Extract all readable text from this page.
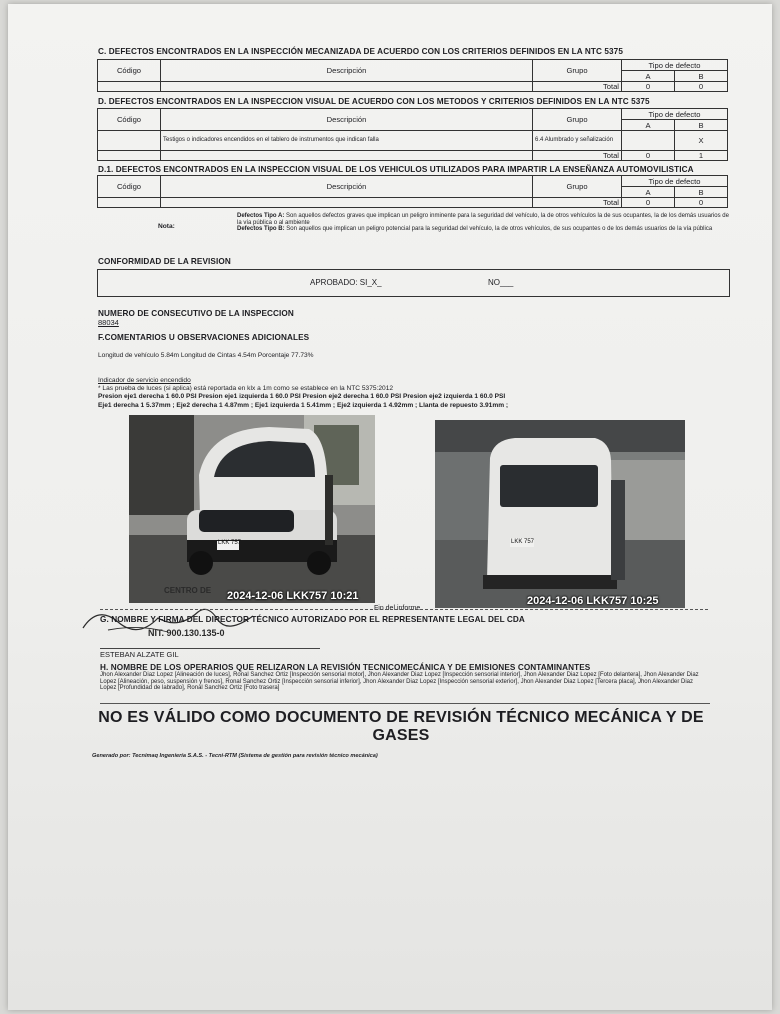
C. DEFECTOS ENCONTRADOS EN LA INSPECCIÓN MECANIZADA DE ACUERDO CON LOS CRITERIOS DEFINIDOS EN LA NTC 5375
Código	Descripción	Grupo	Tipo de defecto	
			A	B
		Total	0	0
D. DEFECTOS ENCONTRADOS EN LA INSPECCION VISUAL DE ACUERDO CON LOS METODOS Y CRITERIOS DEFINIDOS EN LA NTC 5375
Código	Descripción	Grupo	Tipo de defecto	
			A	B
	Testigos o indicadores encendidos en el tablero de instrumentos que indican falla	6.4 Alumbrado y señalización		X
		Total	0	1
D.1. DEFECTOS ENCONTRADOS EN LA INSPECCION VISUAL DE LOS VEHICULOS UTILIZADOS PARA IMPARTIR LA ENSEÑANZA AUTOMOVILISTICA
Código	Descripción	Grupo	Tipo de defecto	
			A	B
		Total	0	0
Nota:
Defectos Tipo A: Son aquellos defectos graves que implican un peligro inminente para la seguridad del vehículo, la de otros vehículos la de sus ocupantes, la de los demás usuarios de la vía pública o al ambiente
Defectos Tipo B: Son aquellos que implican un peligro potencial para la seguridad del vehículo, la de otros vehículos, de sus ocupantes o de los demás usuarios de la vía pública
CONFORMIDAD DE LA REVISION
APROBADO: SI_X_	NO___
NUMERO DE CONSECUTIVO DE LA INSPECCION
88034
F.COMENTARIOS U OBSERVACIONES ADICIONALES
Longitud de vehículo 5.84m Longitud de Cintas 4.54m Porcentaje 77.73%
Indicador de servicio encendido
* Las prueba de luces (si aplica) está reportada en klx a 1m como se establece en la NTC 5375:2012
Presion eje1 derecha 1 60.0 PSI Presion eje1 izquierda 1 60.0 PSI Presion eje2 derecha 1 60.0 PSI Presion eje2 izquierda 1 60.0 PSI
Eje1 derecha 1 5.37mm ; Eje2 derecha 1 4.87mm ; Eje1 izquierda 1 5.41mm ; Eje2 izquierda 1 4.92mm ; Llanta de repuesto 3.91mm ;
LKK 757
2024-12-06 LKK757 10:21
LKK 757
2024-12-06 LKK757 10:25
CENTRO DE
NIT. 900.130.135-0
Fin del informe
G. NOMBRE Y FIRMA DEL DIRECTOR TÉCNICO AUTORIZADO POR EL REPRESENTANTE LEGAL DEL CDA
ESTEBAN ALZATE GIL
H. NOMBRE DE LOS OPERARIOS QUE RELIZARON LA REVISIÓN TECNICOMECÁNICA Y DE EMISIONES CONTAMINANTES
Jhon Alexander Diaz Lopez [Alineación de luces], Ronal Sanchez Ortiz [Inspección sensorial motor], Jhon Alexander Diaz Lopez [Inspección sensorial interior], Jhon Alexander Diaz Lopez [Foto delantera], Jhon Alexander Diaz Lopez [Alineación, peso, suspensión y frenos], Ronal Sanchez Ortiz [Inspección sensorial inferior], Jhon Alexander Diaz Lopez [Inspección sensorial exterior], Jhon Alexander Diaz Lopez [Tercera placa], Jhon Alexander Diaz Lopez [Profundidad de labrado], Ronal Sanchez Ortiz [Foto trasera]
NO ES VÁLIDO COMO DOCUMENTO DE REVISIÓN TÉCNICO MECÁNICA Y DE GASES
Generado por: Tecnimaq Ingeniería S.A.S. - Tecni-RTM (Sistema de gestión para revisión técnico mecánica)
